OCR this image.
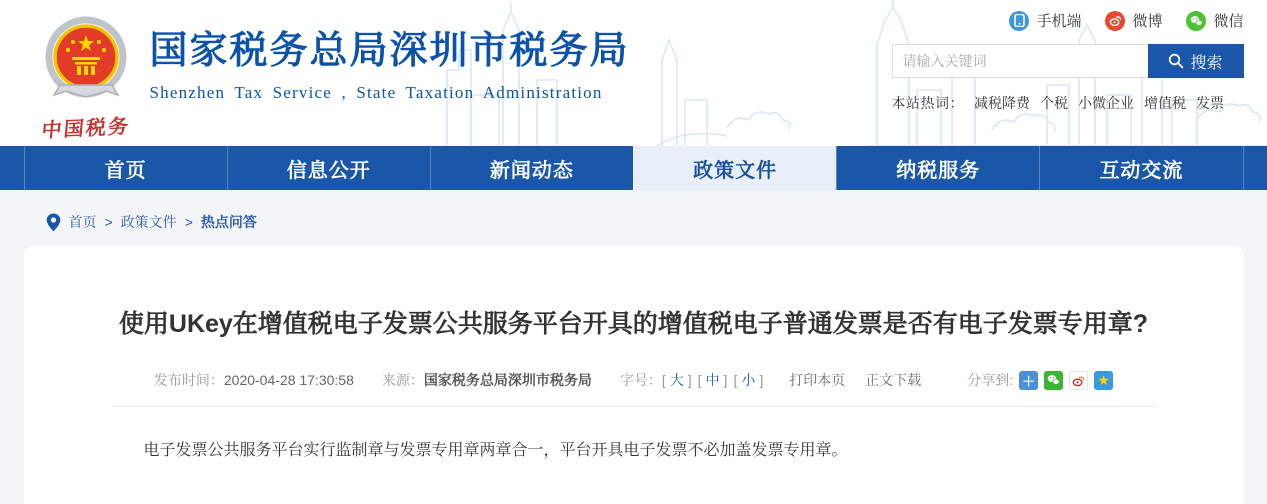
中国税务
国家税务总局深圳市税务局
Shenzhen Tax Service , State Taxation Administration
手机端	微博	微信
请输入关键词
搜索
本站热词： 减税降费 个税 小微企业 增值税 发票
首页	信息公开	新闻动态	政策文件	纳税服务	互动交流
首页 > 政策文件 > 热点问答
使用UKey在增值税电子发票公共服务平台开具的增值税电子普通发票是否有电子发票专用章?
发布时间： 2020-04-28 17:30:58 来源： 国家税务总局深圳市税务局 字号： [ 大 ] [ 中 ] [ 小 ] 打印本页 正文下载	分享到: ＋	★

电子发票公共服务平台实行监制章与发票专用章两章合一，平台开具电子发票不必加盖发票专用章。
